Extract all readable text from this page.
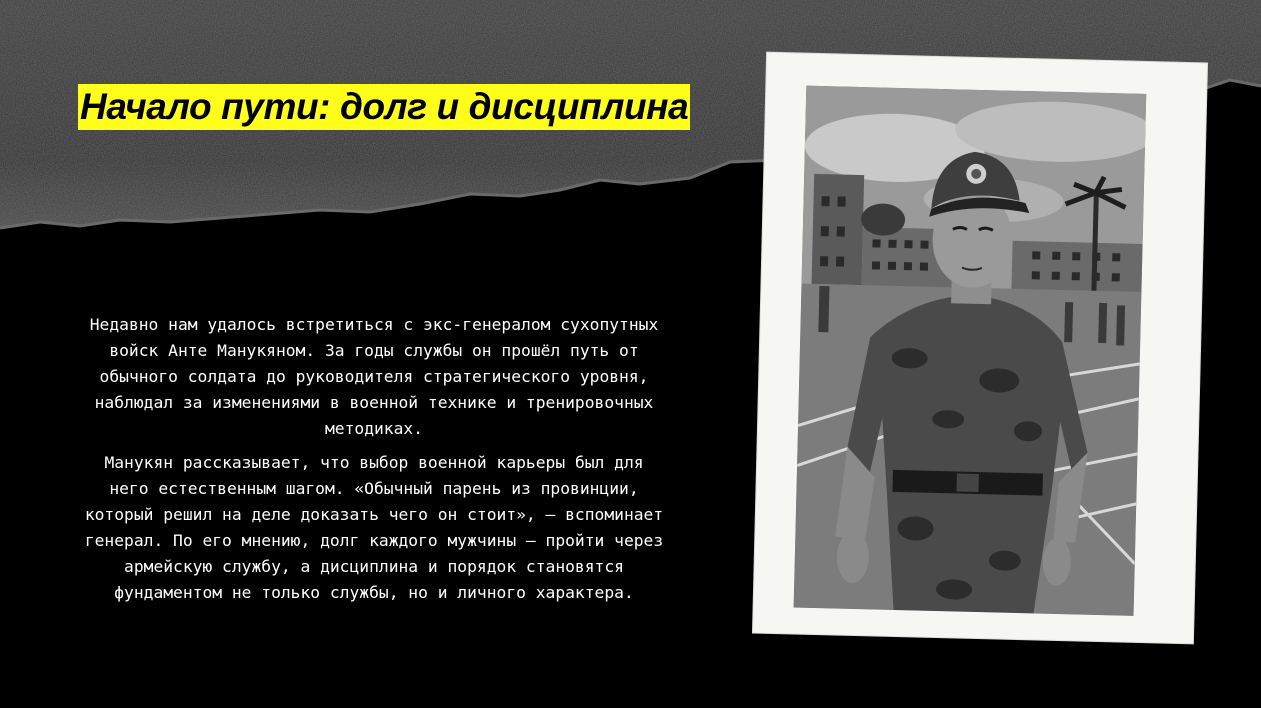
Начало пути: долг и дисциплина

Недавно нам удалось встретиться с экс-генералом сухопутных войск Анте Манукяном. За годы службы он прошёл путь от обычного солдата до руководителя стратегического уровня, наблюдал за изменениями в военной технике и тренировочных методиках.

Манукян рассказывает, что выбор военной карьеры был для него естественным шагом. «Обычный парень из провинции, который решил на деле доказать чего он стоит», — вспоминает генерал. По его мнению, долг каждого мужчины — пройти через армейскую службу, а дисциплина и порядок становятся фундаментом не только службы, но и личного характера.
